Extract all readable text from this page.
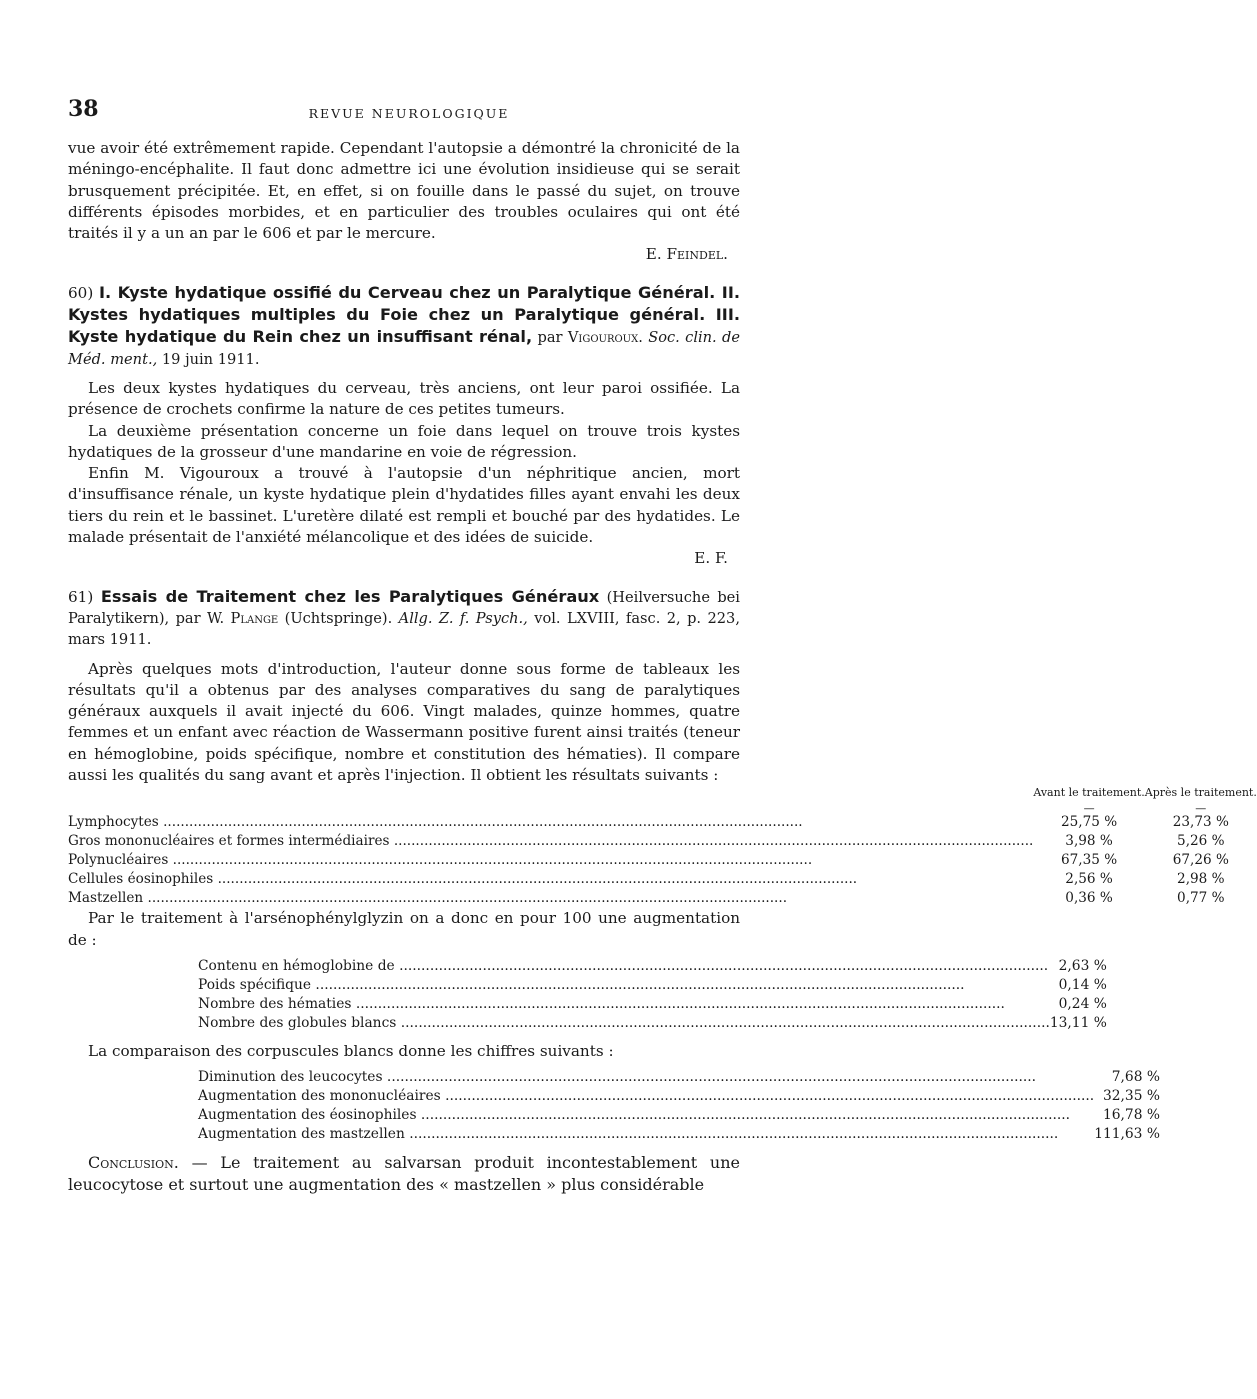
38	REVUE NEUROLOGIQUE

vue avoir été extrêmement rapide. Cependant l'autopsie a démontré la chronicité de la méningo-encéphalite. Il faut donc admettre ici une évolution insidieuse qui se serait brusquement précipitée. Et, en effet, si on fouille dans le passé du sujet, on trouve différents épisodes morbides, et en particulier des troubles oculaires qui ont été traités il y a un an par le 606 et par le mercure.

E. Feindel.

60) I. Kyste hydatique ossifié du Cerveau chez un Paralytique Général. II. Kystes hydatiques multiples du Foie chez un Paralytique général. III. Kyste hydatique du Rein chez un insuffisant rénal, par Vigouroux. Soc. clin. de Méd. ment., 19 juin 1911.

Les deux kystes hydatiques du cerveau, très anciens, ont leur paroi ossifiée. La présence de crochets confirme la nature de ces petites tumeurs.

La deuxième présentation concerne un foie dans lequel on trouve trois kystes hydatiques de la grosseur d'une mandarine en voie de régression.

Enfin M. Vigouroux a trouvé à l'autopsie d'un néphritique ancien, mort d'insuffisance rénale, un kyste hydatique plein d'hydatides filles ayant envahi les deux tiers du rein et le bassinet. L'uretère dilaté est rempli et bouché par des hydatides. Le malade présentait de l'anxiété mélancolique et des idées de suicide.

E. F.

61) Essais de Traitement chez les Paralytiques Généraux (Heilversuche bei Paralytikern), par W. Plange (Uchtspringe). Allg. Z. f. Psych., vol. LXVIII, fasc. 2, p. 223, mars 1911.

Après quelques mots d'introduction, l'auteur donne sous forme de tableaux les résultats qu'il a obtenus par des analyses comparatives du sang de paralytiques généraux auxquels il avait injecté du 606. Vingt malades, quinze hommes, quatre femmes et un enfant avec réaction de Wassermann positive furent ainsi traités (teneur en hémoglobine, poids spécifique, nombre et constitution des hématies). Il compare aussi les qualités du sang avant et après l'injection. Il obtient les résultats suivants :

	Avant le traitement.	Après le traitement.
	—	—

Lymphocytes .....	25,75 %	23,73 %

Gros mononucléaires et formes intermédiaires .....	3,98 %	5,26 %

Polynucléaires .....	67,35 %	67,26 %

Cellules éosinophiles .....	2,56 %	2,98 %

Mastzellen .....	0,36 %	0,77 %

Par le traitement à l'arsénophénylglyzin on a donc en pour 100 une augmentation de :

Contenu en hémoglobine de .....	2,63 %

Poids spécifique .....	0,14 %

Nombre des hématies .....	0,24 %

Nombre des globules blancs .....	13,11 %

La comparaison des corpuscules blancs donne les chiffres suivants :

Diminution des leucocytes .....	7,68 %

Augmentation des mononucléaires .....	32,35 %

Augmentation des éosinophiles .....	16,78 %

Augmentation des mastzellen .....	111,63 %

Conclusion. — Le traitement au salvarsan produit incontestablement une leucocytose et surtout une augmentation des « mastzellen » plus considérable
